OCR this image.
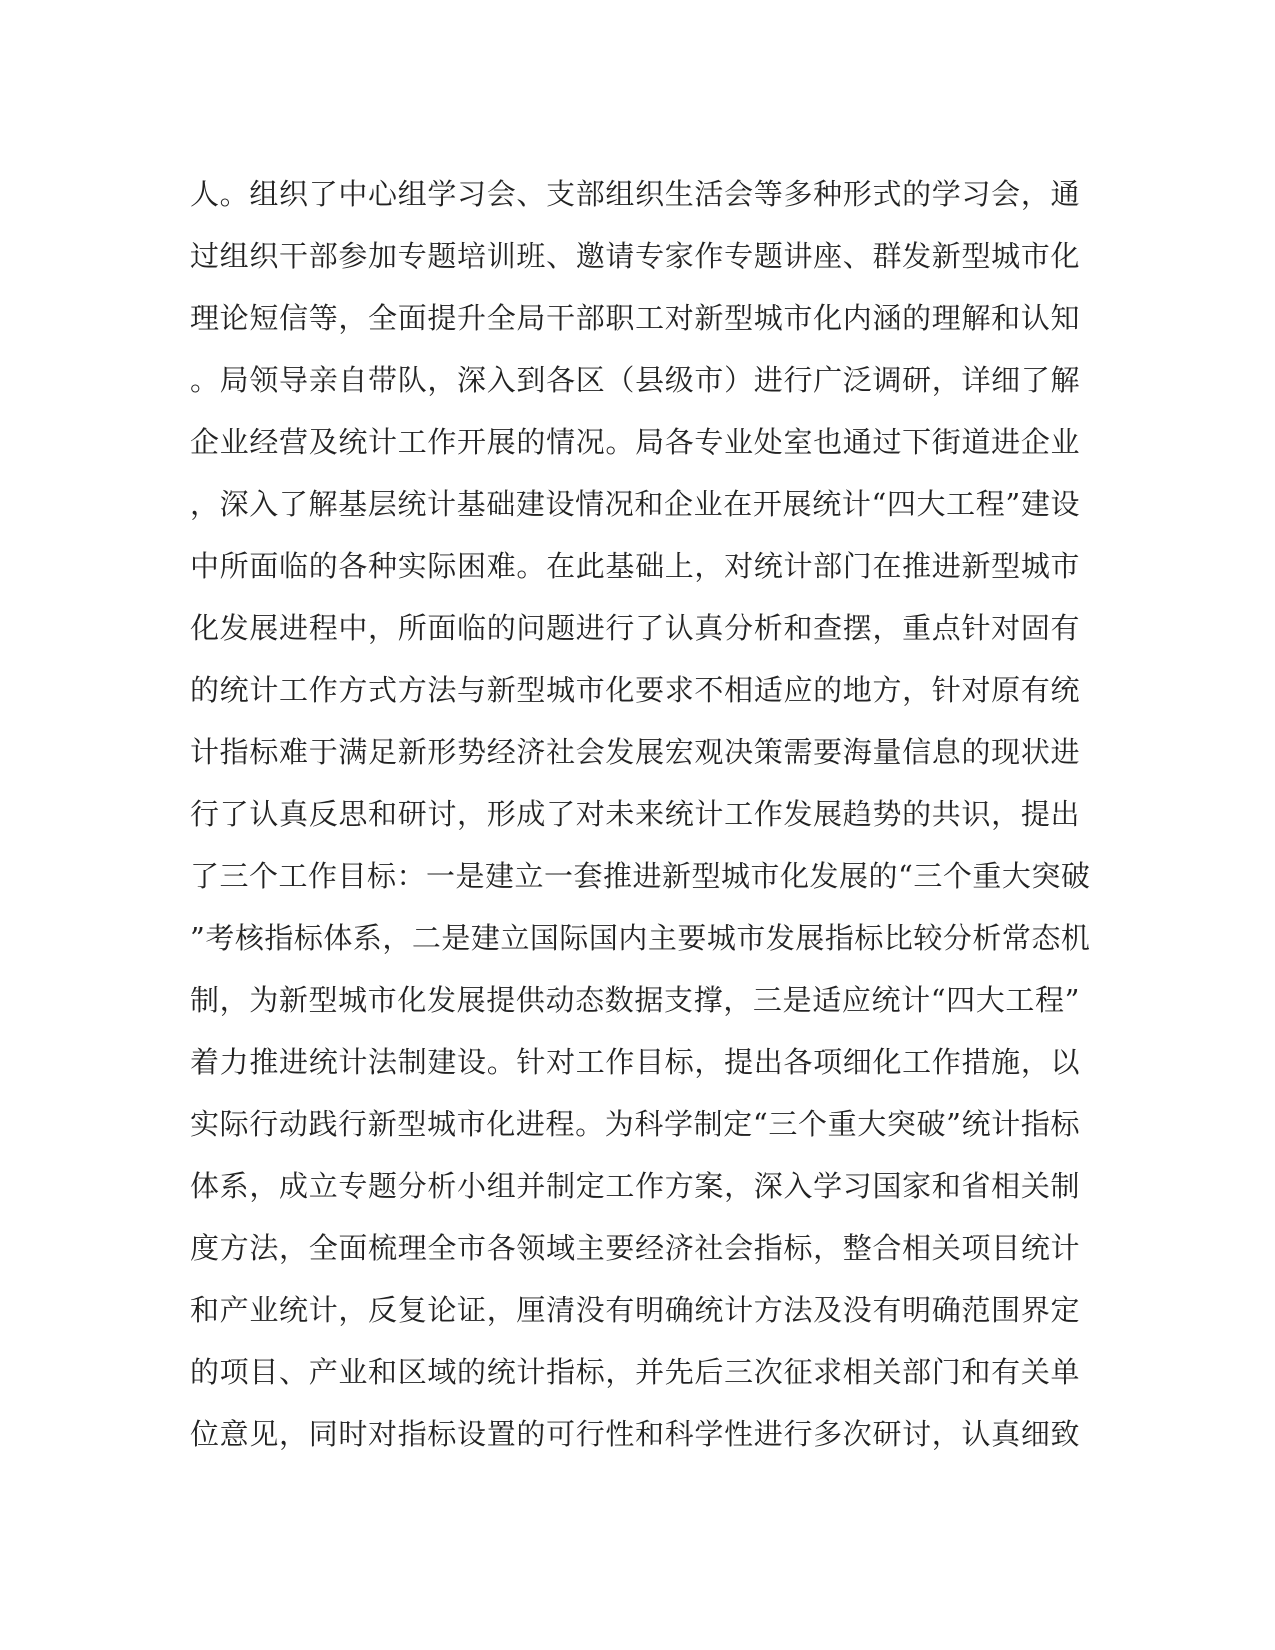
人。组织了中心组学习会、支部组织生活会等多种形式的学习会，通
过组织干部参加专题培训班、邀请专家作专题讲座、群发新型城市化
理论短信等，全面提升全局干部职工对新型城市化内涵的理解和认知
。局领导亲自带队，深入到各区（县级市）进行广泛调研，详细了解
企业经营及统计工作开展的情况。局各专业处室也通过下街道进企业
，深入了解基层统计基础建设情况和企业在开展统计“四大工程”建设
中所面临的各种实际困难。在此基础上，对统计部门在推进新型城市
化发展进程中，所面临的问题进行了认真分析和查摆，重点针对固有
的统计工作方式方法与新型城市化要求不相适应的地方，针对原有统
计指标难于满足新形势经济社会发展宏观决策需要海量信息的现状进
行了认真反思和研讨，形成了对未来统计工作发展趋势的共识，提出
了三个工作目标：一是建立一套推进新型城市化发展的“三个重大突破
”考核指标体系，二是建立国际国内主要城市发展指标比较分析常态机
制，为新型城市化发展提供动态数据支撑，三是适应统计“四大工程”
着力推进统计法制建设。针对工作目标，提出各项细化工作措施，以
实际行动践行新型城市化进程。为科学制定“三个重大突破”统计指标
体系，成立专题分析小组并制定工作方案，深入学习国家和省相关制
度方法，全面梳理全市各领域主要经济社会指标，整合相关项目统计
和产业统计，反复论证，厘清没有明确统计方法及没有明确范围界定
的项目、产业和区域的统计指标，并先后三次征求相关部门和有关单
位意见，同时对指标设置的可行性和科学性进行多次研讨，认真细致
